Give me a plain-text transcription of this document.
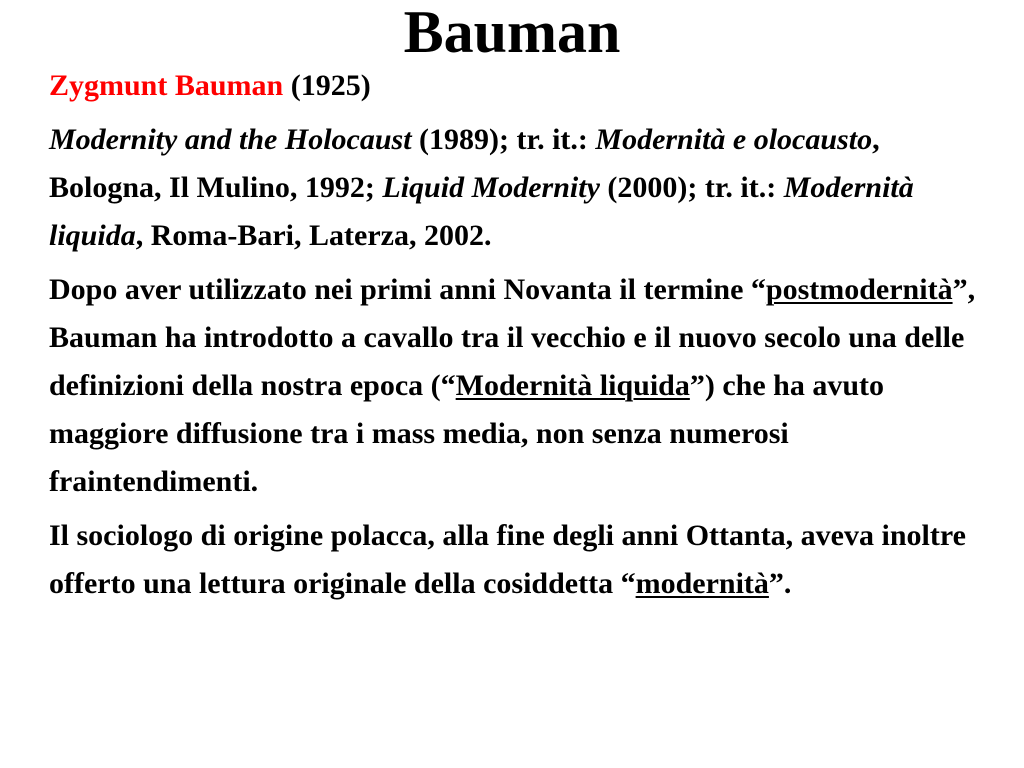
Bauman

Zygmunt Bauman (1925)

Modernity and the Holocaust (1989); tr. it.: Modernità e olocausto, Bologna, Il Mulino, 1992; Liquid Modernity (2000); tr. it.: Modernità liquida, Roma-Bari, Laterza, 2002.

Dopo aver utilizzato nei primi anni Novanta il termine “postmodernità”, Bauman ha introdotto a cavallo tra il vecchio e il nuovo secolo una delle definizioni della nostra epoca (“Modernità liquida”) che ha avuto maggiore diffusione tra i mass media, non senza numerosi fraintendimenti.

Il sociologo di origine polacca, alla fine degli anni Ottanta, aveva inoltre offerto una lettura originale della cosiddetta “modernità”.
